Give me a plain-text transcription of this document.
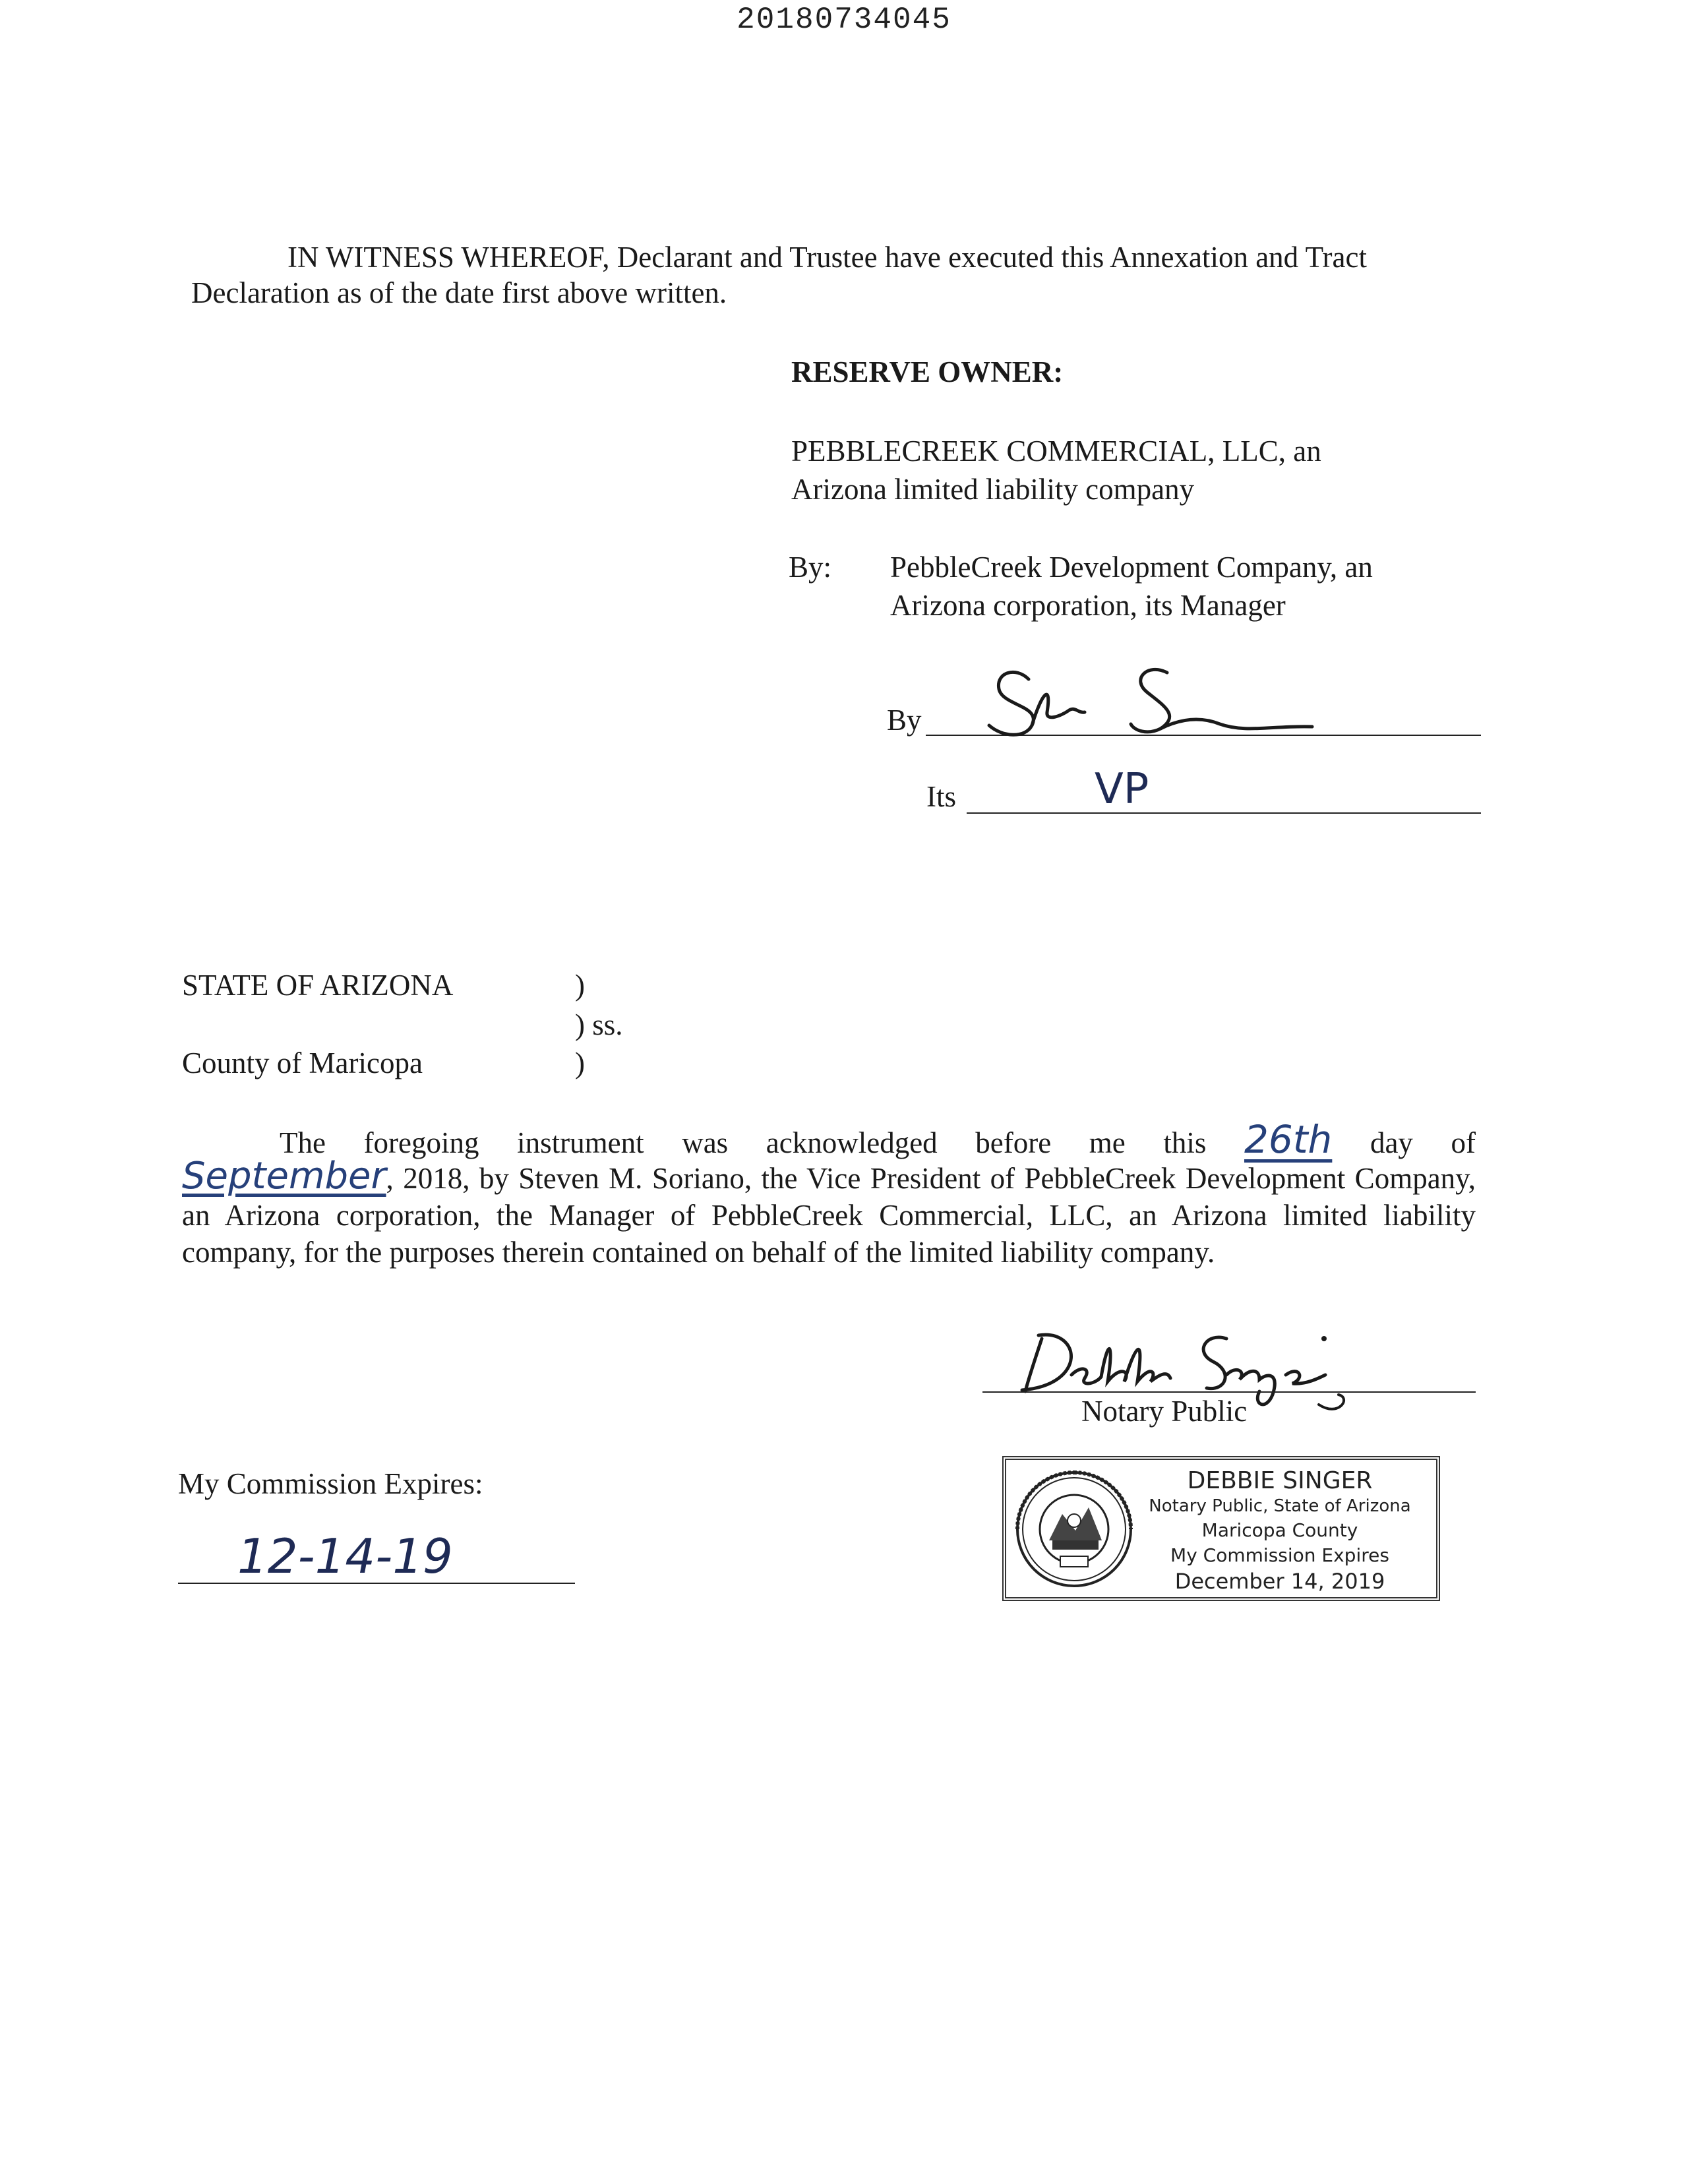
20180734045
IN WITNESS WHEREOF, Declarant and Trustee have executed this Annexation and Tract
Declaration as of the date first above written.
RESERVE OWNER:
PEBBLECREEK COMMERCIAL, LLC, an
Arizona limited liability company
By: PebbleCreek Development Company, an
Arizona corporation, its Manager
By
Its	VP
STATE OF ARIZONA	)
) ss.
County of Maricopa	)
The foregoing instrument was acknowledged before me this 26th day of
September, 2018, by Steven M. Soriano, the Vice President of PebbleCreek Development Company, an Arizona corporation, the Manager of PebbleCreek Commercial, LLC, an Arizona limited liability company, for the purposes therein contained on behalf of the limited liability company.
Notary Public
My Commission Expires:
12-14-19
DEBBIE SINGER
Notary Public, State of Arizona
Maricopa County
My Commission Expires
December 14, 2019
